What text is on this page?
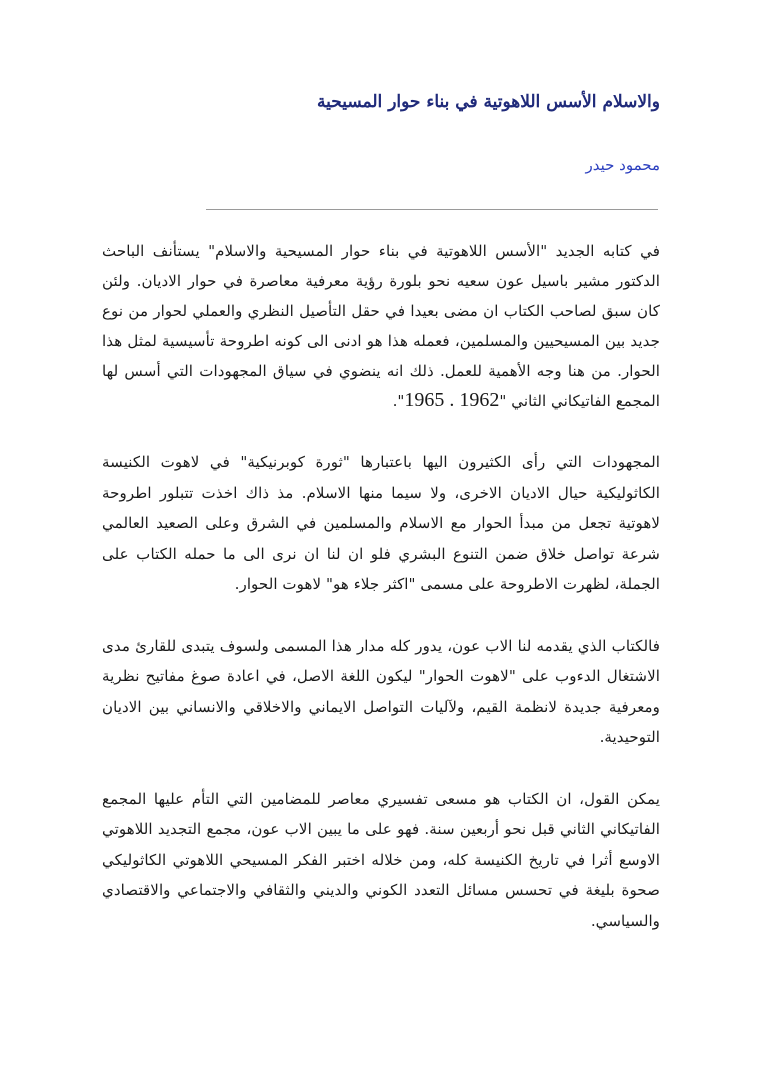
والاسلام الأسس اللاهوتية في بناء حوار المسيحية

محمود حيدر

في كتابه الجديد "الأسس اللاهوتية في بناء حوار المسيحية والاسلام" يستأنف الباحث الدكتور مشير باسيل عون سعيه نحو بلورة رؤية معرفية معاصرة في حوار الاديان. ولئن كان سبق لصاحب الكتاب ان مضى بعيدا في حقل التأصيل النظري والعملي لحوار من نوع جديد بين المسيحيين والمسلمين، فعمله هذا هو ادنى الى كونه اطروحة تأسيسية لمثل هذا الحوار. من هنا وجه الأهمية للعمل. ذلك انه ينضوي في سياق المجهودات التي أسس لها المجمع الفاتيكاني الثاني "1962 . 1965".

المجهودات التي رأى الكثيرون اليها باعتبارها "ثورة كوبرنيكية" في لاهوت الكنيسة الكاثوليكية حيال الاديان الاخرى، ولا سيما منها الاسلام. مذ ذاك اخذت تتبلور اطروحة لاهوتية تجعل من مبدأ الحوار مع الاسلام والمسلمين في الشرق وعلى الصعيد العالمي شرعة تواصل خلاق ضمن التنوع البشري فلو ان لنا ان نرى الى ما حمله الكتاب على الجملة، لظهرت الاطروحة على مسمى "اكثر جلاء هو" لاهوت الحوار.

فالكتاب الذي يقدمه لنا الاب عون، يدور كله مدار هذا المسمى ولسوف يتبدى للقارئ مدى الاشتغال الدءوب على "لاهوت الحوار" ليكون اللغة الاصل، في اعادة صوغ مفاتيح نظرية ومعرفية جديدة لانظمة القيم، ولآليات التواصل الايماني والاخلاقي والانساني بين الاديان التوحيدية.

يمكن القول، ان الكتاب هو مسعى تفسيري معاصر للمضامين التي التأم عليها المجمع الفاتيكاني الثاني قبل نحو أربعين سنة. فهو على ما يبين الاب عون، مجمع التجديد اللاهوتي الاوسع أثرا في تاريخ الكنيسة كله، ومن خلاله اختبر الفكر المسيحي اللاهوتي الكاثوليكي صحوة بليغة في تحسس مسائل التعدد الكوني والديني والثقافي والاجتماعي والاقتصادي والسياسي.
